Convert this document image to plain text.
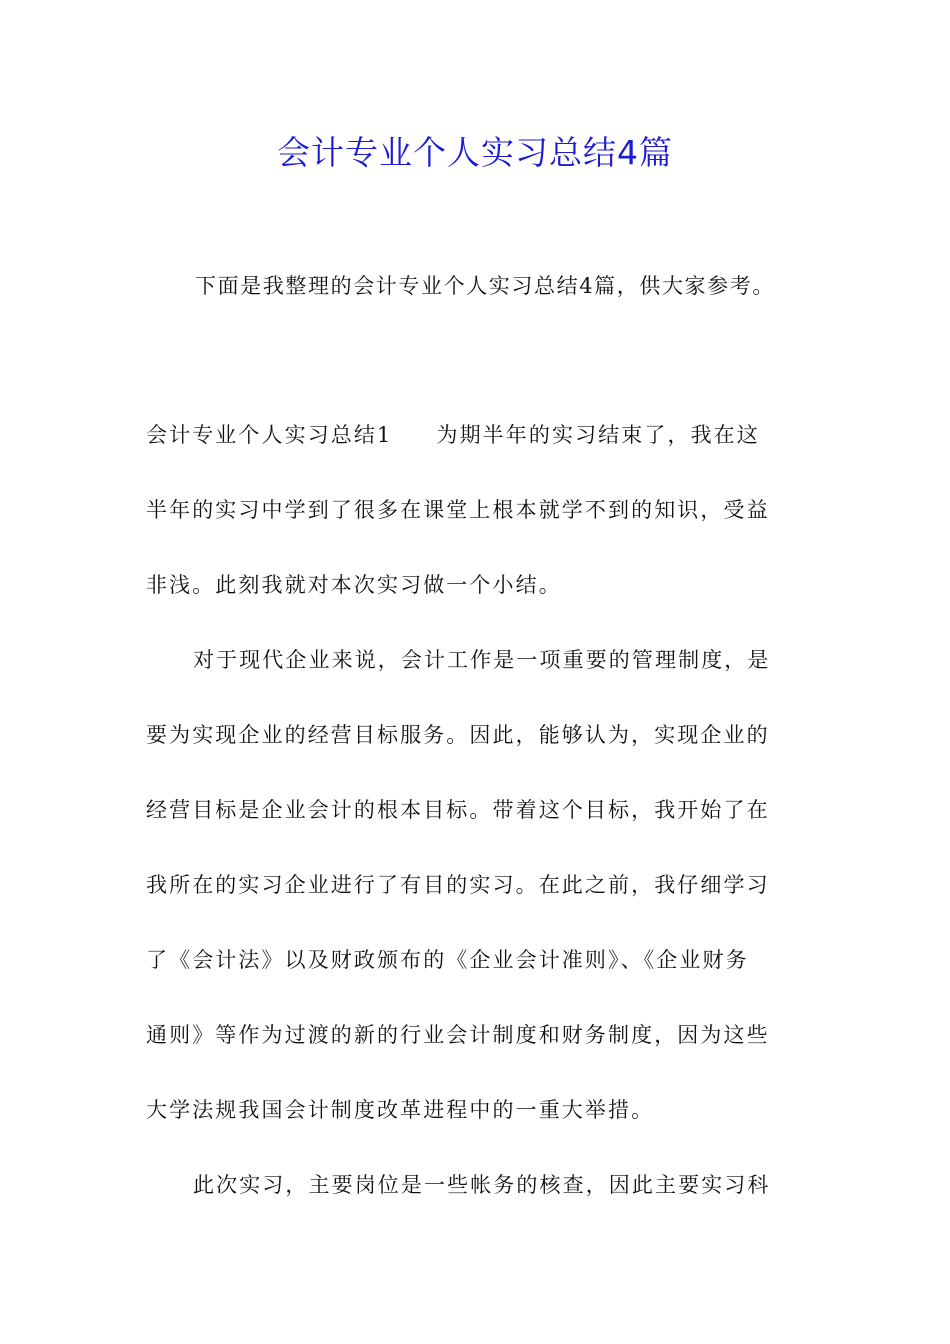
会计专业个人实习总结4篇

下面是我整理的会计专业个人实习总结4篇，供大家参考。

会计专业个人实习总结1 为期半年的实习结束了，我在这
半年的实习中学到了很多在课堂上根本就学不到的知识，受益
非浅。此刻我就对本次实习做一个小结。
对于现代企业来说，会计工作是一项重要的管理制度，是
要为实现企业的经营目标服务。因此，能够认为，实现企业的
经营目标是企业会计的根本目标。带着这个目标，我开始了在
我所在的实习企业进行了有目的实习。在此之前，我仔细学习
了《会计法》以及财政颁布的《企业会计准则》、《企业财务
通则》等作为过渡的新的行业会计制度和财务制度，因为这些
大学法规我国会计制度改革进程中的一重大举措。
此次实习，主要岗位是一些帐务的核查，因此主要实习科
